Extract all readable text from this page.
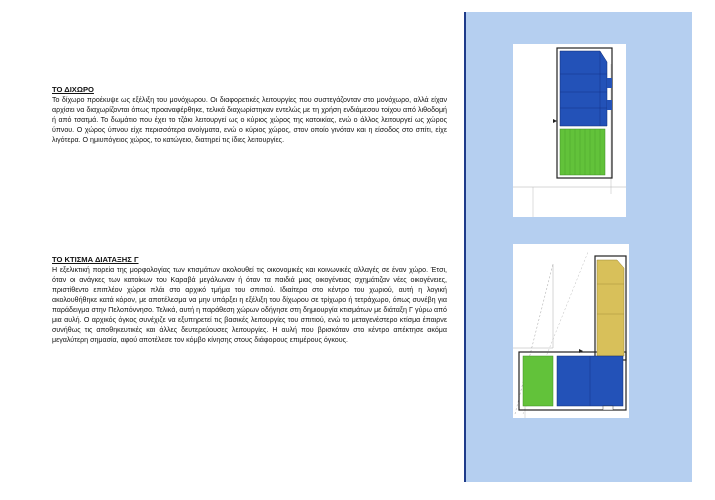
ΤΟ ΔΙΧΩΡΟ

Το δίχωρο προέκυψε ως εξέλιξη του μονόχωρου. Οι διαφορετικές λειτουργίες που συστεγάζονταν στο μονόχωρο, αλλά είχαν αρχίσει να διαχωρίζονται όπως προαναφέρθηκε, τελικά διαχωρίστηκαν εντελώς με τη χρήση ενδιάμεσου τοίχου από λιθοδομή ή από τσατμά. Το δωμάτιο που έχει το τζάκι λειτουργεί ως ο κύριος χώρος της κατοικίας, ενώ ο άλλος λειτουργεί ως χώρος ύπνου. Ο χώρος ύπνου είχε περισσότερα ανοίγματα, ενώ ο κύριος χώρος, στον οποίο γινόταν και η είσοδος στο σπίτι, είχε λιγότερα. Ο ημιυπόγειος χώρος, το κατώγειο, διατηρεί τις ίδιες λειτουργίες.

ΤΟ ΚΤΙΣΜΑ ΔΙΑΤΑΞΗΣ Γ

Η εξελικτική πορεία της μορφολογίας των κτισμάτων ακολουθεί τις οικονομικές και κοινωνικές αλλαγές σε έναν χώρο. Έτσι, όταν οι ανάγκες των κατοίκων του Καραβά μεγάλωναν ή όταν τα παιδιά μιας οικογένειας σχημάτιζαν νέες οικογένειες, πριστίθεντο επιπλέον χώροι πλάι στο αρχικό τμήμα του σπιτιού. Ιδιαίτερα στο κέντρο του χωριού, αυτή η λογική ακολουθήθηκε κατά κόρον, με αποτέλεσμα να μην υπάρξει η εξέλιξη του δίχωρου σε τρίχωρο ή τετράχωρο, όπως συνέβη για παράδειγμα στην Πελοπόννησο. Τελικά, αυτή η παράθεση χώρων οδήγησε στη δημιουργία κτισμάτων με διάταξη Γ γύρω από μια αυλή. Ο αρχικός όγκος συνέχιζε να εξυπηρετεί τις βασικές λειτουργίες του σπιτιού, ενώ το μεταγενέστερο κτίσμα έπαιρνε συνήθως τις αποθηκευτικές και άλλες δευτερεύουσες λειτουργίες. Η αυλή που βρισκόταν στο κέντρο απέκτησε ακόμα μεγαλύτερη σημασία, αφού αποτέλεσε τον κόμβο κίνησης στους διάφορους επιμέρους όγκους.
